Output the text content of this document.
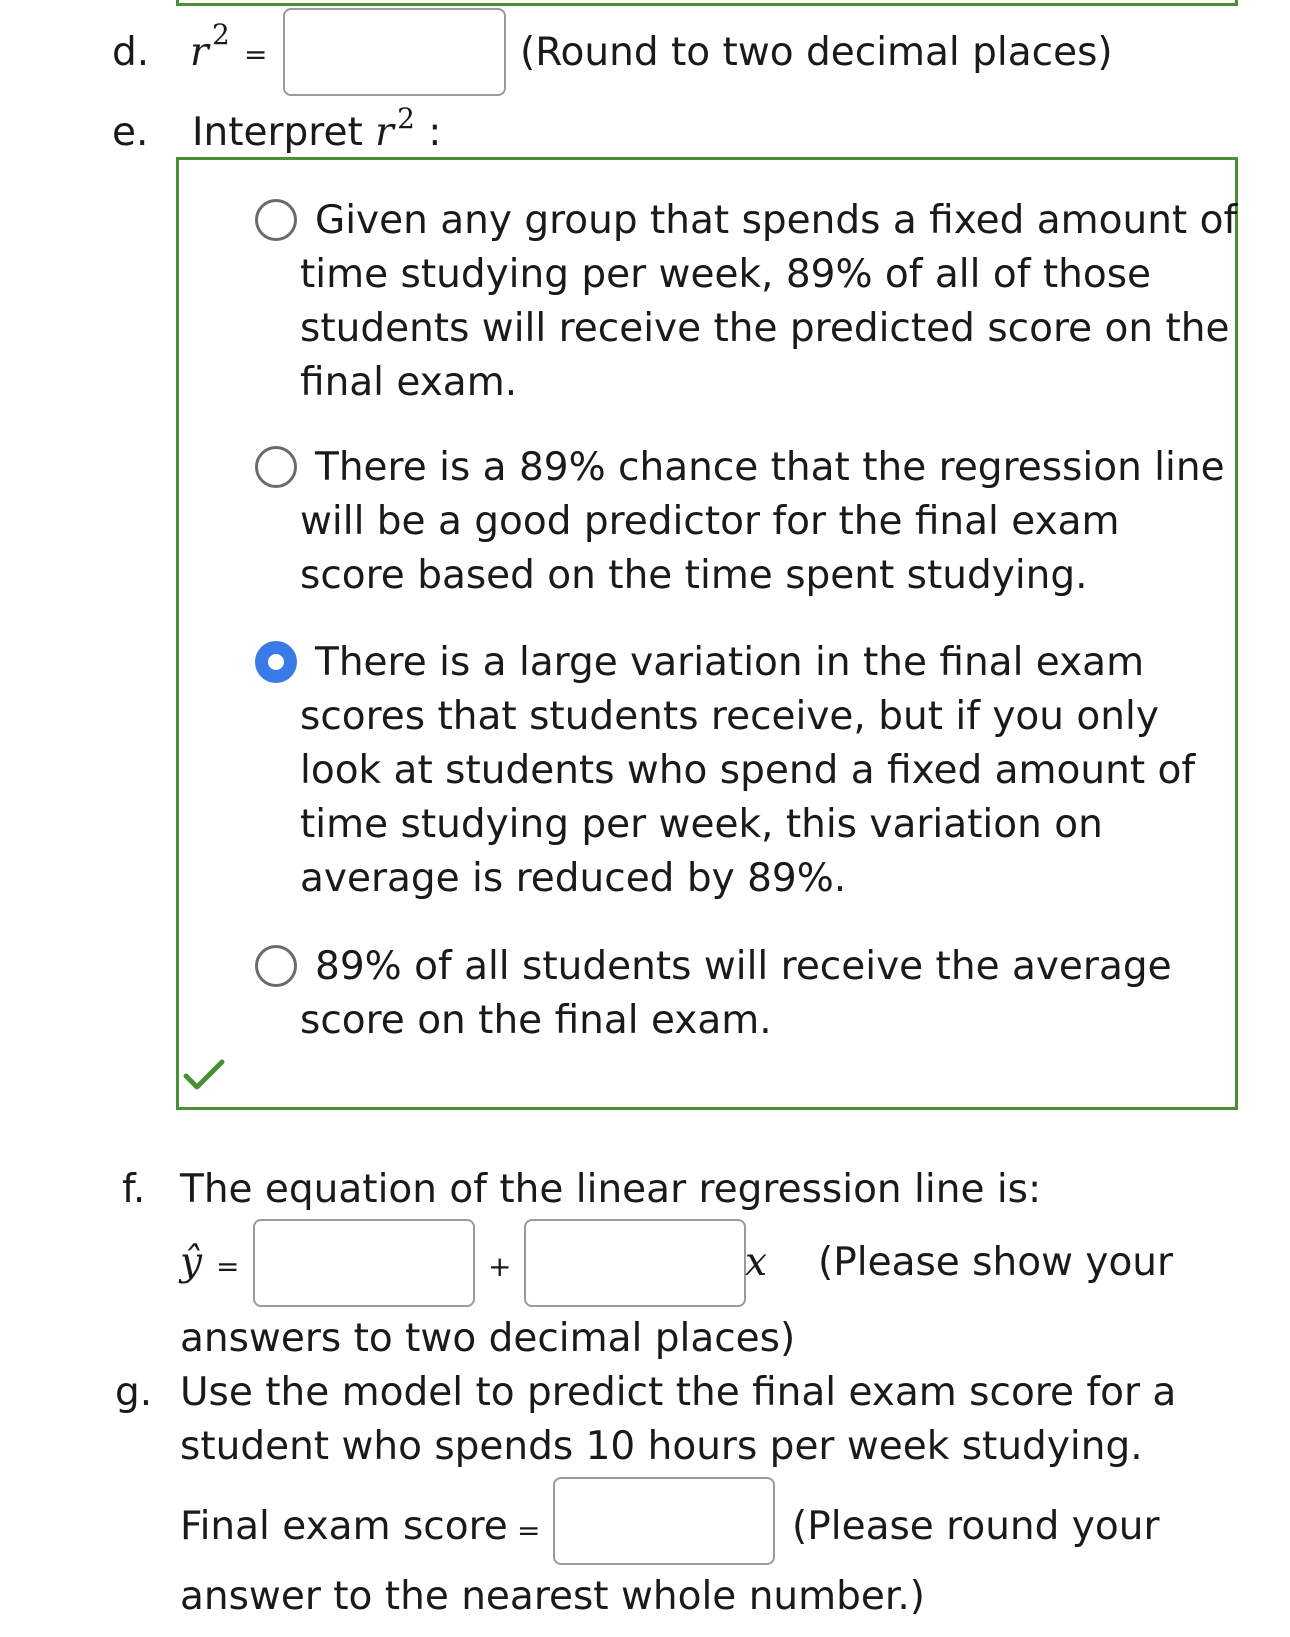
d. r 2
=	(Round to two decimal places)
e. Interpret r 2 :
Given any group that spends a fixed amount of
time studying per week, 89% of all of those
students will receive the predicted score on the
final exam.
There is a 89% chance that the regression line
will be a good predictor for the final exam
score based on the time spent studying.
There is a large variation in the final exam
scores that students receive, but if you only
look at students who spend a fixed amount of
time studying per week, this variation on
average is reduced by 89%.
89% of all students will receive the average
score on the final exam.
f. The equation of the linear regression line is:
ŷ =	+	x (Please show your
answers to two decimal places)
g. Use the model to predict the final exam score for a
student who spends 10 hours per week studying.
Final exam score =	(Please round your
answer to the nearest whole number.)
